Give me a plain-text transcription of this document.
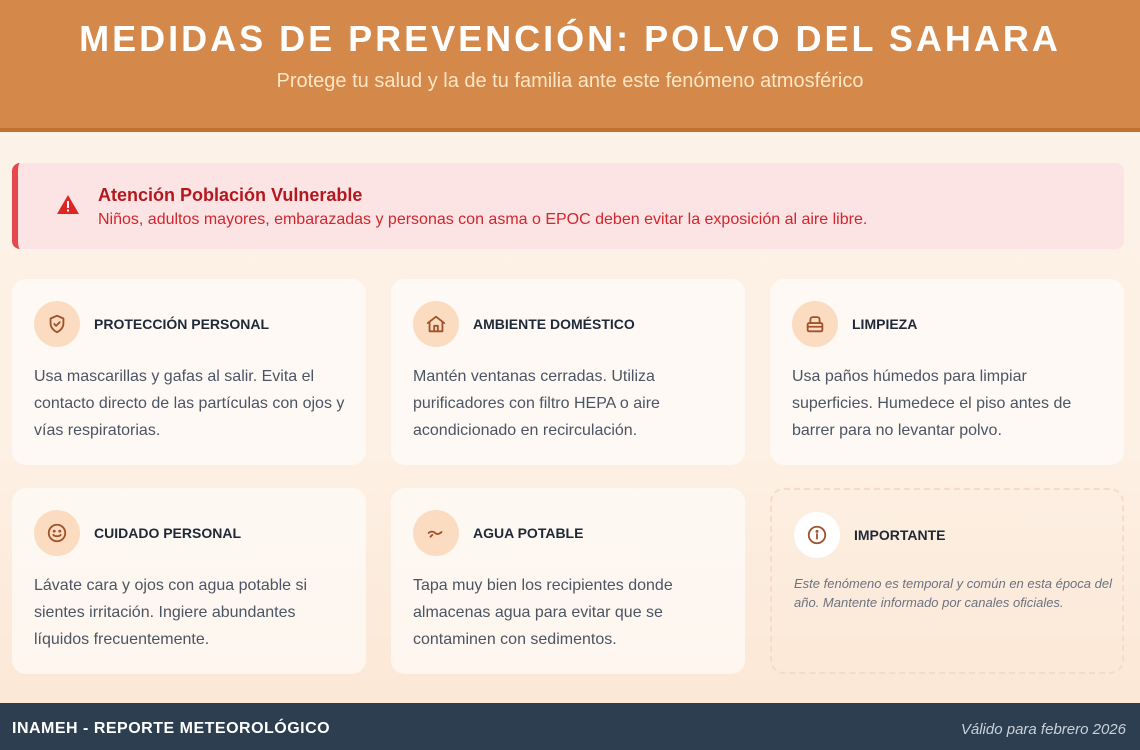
MEDIDAS DE PREVENCIÓN: POLVO DEL SAHARA

Protege tu salud y la de tu familia ante este fenómeno atmosférico

Atención Población Vulnerable
Niños, adultos mayores, embarazadas y personas con asma o EPOC deben evitar la exposición al aire libre.
PROTECCIÓN PERSONAL
Usa mascarillas y gafas al salir. Evita el contacto directo de las partículas con ojos y vías respiratorias.
AMBIENTE DOMÉSTICO
Mantén ventanas cerradas. Utiliza purificadores con filtro HEPA o aire acondicionado en recirculación.
LIMPIEZA
Usa paños húmedos para limpiar superficies. Humedece el piso antes de barrer para no levantar polvo.
CUIDADO PERSONAL
Lávate cara y ojos con agua potable si sientes irritación. Ingiere abundantes líquidos frecuentemente.
AGUA POTABLE
Tapa muy bien los recipientes donde almacenas agua para evitar que se contaminen con sedimentos.
IMPORTANTE
Este fenómeno es temporal y común en esta época del año. Mantente informado por canales oficiales.
INAMEH - REPORTE METEOROLÓGICO	Válido para febrero 2026
